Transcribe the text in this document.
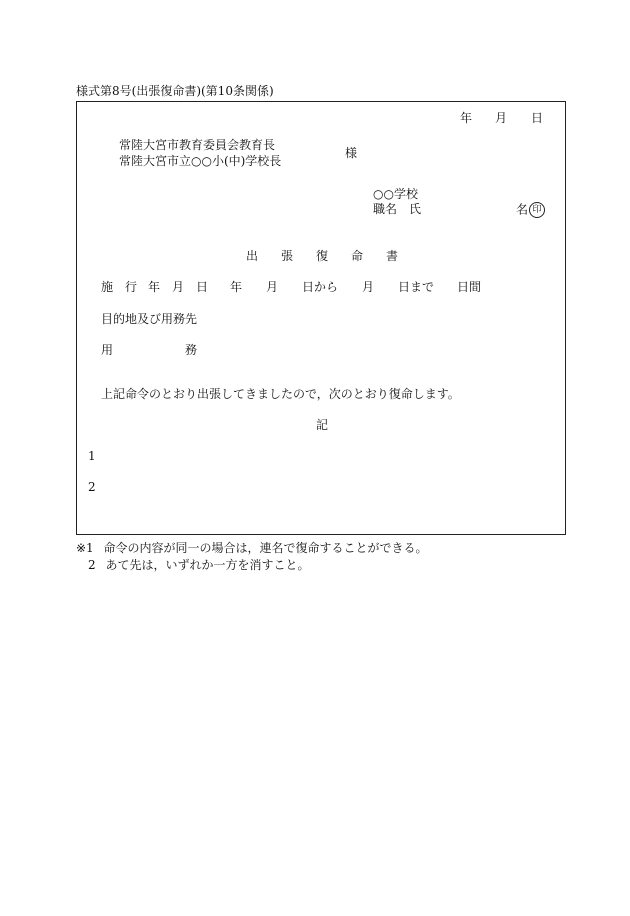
様式第8号(出張復命書)(第10条関係)
年 月 日
常陸大宮市教育委員会教育長
常陸大宮市立○○小(中)学校長
様
○○学校
職名　氏	名 印
出 張 復 命 書
施　行 年 月 日 年 月 日から 月 日まで 日間
目的地及び用務先
用	務
上記命令のとおり出張してきましたので，次のとおり復命します。
記
1
2
※1 命令の内容が同一の場合は，連名で復命することができる。
2 あて先は，いずれか一方を消すこと。
